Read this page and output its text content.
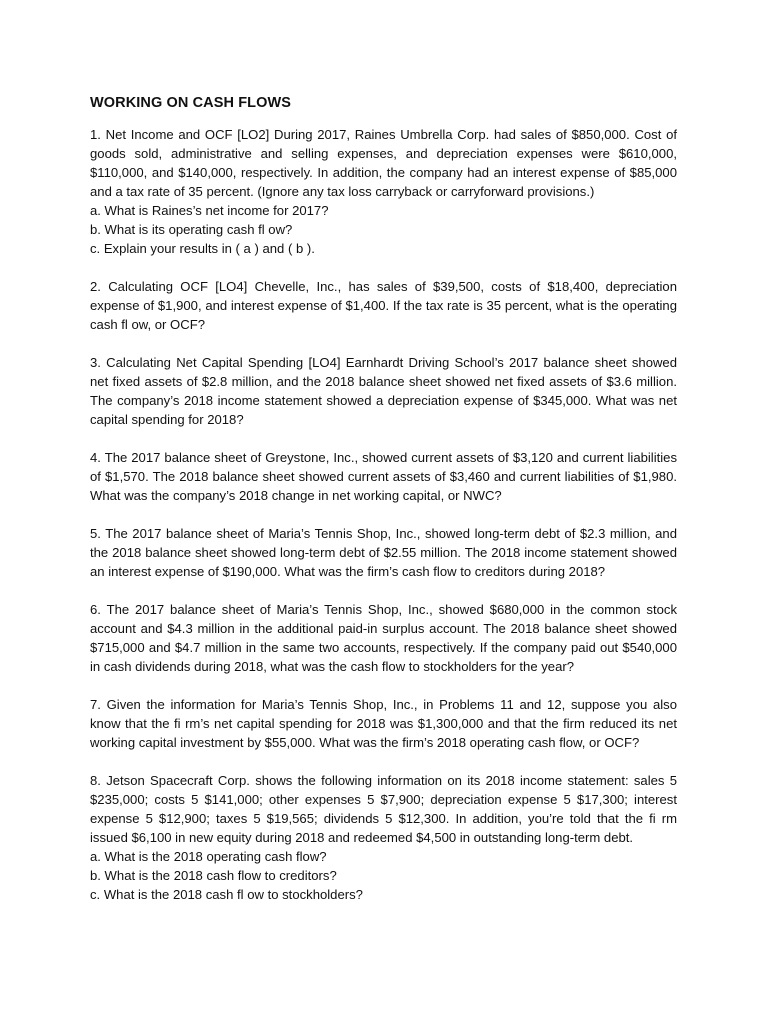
WORKING ON CASH FLOWS

1. Net Income and OCF [LO2] During 2017, Raines Umbrella Corp. had sales of $850,000. Cost of goods sold, administrative and selling expenses, and depreciation expenses were $610,000, $110,000, and $140,000, respectively. In addition, the company had an interest expense of $85,000 and a tax rate of 35 percent. (Ignore any tax loss carryback or carryforward provisions.)

a. What is Raines’s net income for 2017?

b. What is its operating cash fl ow?

c. Explain your results in ( a ) and ( b ).

2. Calculating OCF [LO4] Chevelle, Inc., has sales of $39,500, costs of $18,400, depreciation expense of $1,900, and interest expense of $1,400. If the tax rate is 35 percent, what is the operating cash fl ow, or OCF?

3. Calculating Net Capital Spending [LO4] Earnhardt Driving School’s 2017 balance sheet showed net fixed assets of $2.8 million, and the 2018 balance sheet showed net fixed assets of $3.6 million. The company’s 2018 income statement showed a depreciation expense of $345,000. What was net capital spending for 2018?

4. The 2017 balance sheet of Greystone, Inc., showed current assets of $3,120 and current liabilities of $1,570. The 2018 balance sheet showed current assets of $3,460 and current liabilities of $1,980. What was the company’s 2018 change in net working capital, or NWC?

5. The 2017 balance sheet of Maria’s Tennis Shop, Inc., showed long-term debt of $2.3 million, and the 2018 balance sheet showed long-term debt of $2.55 million. The 2018 income statement showed an interest expense of $190,000. What was the firm’s cash flow to creditors during 2018?

6. The 2017 balance sheet of Maria’s Tennis Shop, Inc., showed $680,000 in the common stock account and $4.3 million in the additional paid-in surplus account. The 2018 balance sheet showed $715,000 and $4.7 million in the same two accounts, respectively. If the company paid out $540,000 in cash dividends during 2018, what was the cash flow to stockholders for the year?

7. Given the information for Maria’s Tennis Shop, Inc., in Problems 11 and 12, suppose you also know that the fi rm’s net capital spending for 2018 was $1,300,000 and that the firm reduced its net working capital investment by $55,000. What was the firm’s 2018 operating cash flow, or OCF?

8. Jetson Spacecraft Corp. shows the following information on its 2018 income statement: sales 5 $235,000; costs 5 $141,000; other expenses 5 $7,900; depreciation expense 5 $17,300; interest expense 5 $12,900; taxes 5 $19,565; dividends 5 $12,300. In addition, you’re told that the fi rm issued $6,100 in new equity during 2018 and redeemed $4,500 in outstanding long-term debt.

a. What is the 2018 operating cash flow?

b. What is the 2018 cash flow to creditors?

c. What is the 2018 cash fl ow to stockholders?
